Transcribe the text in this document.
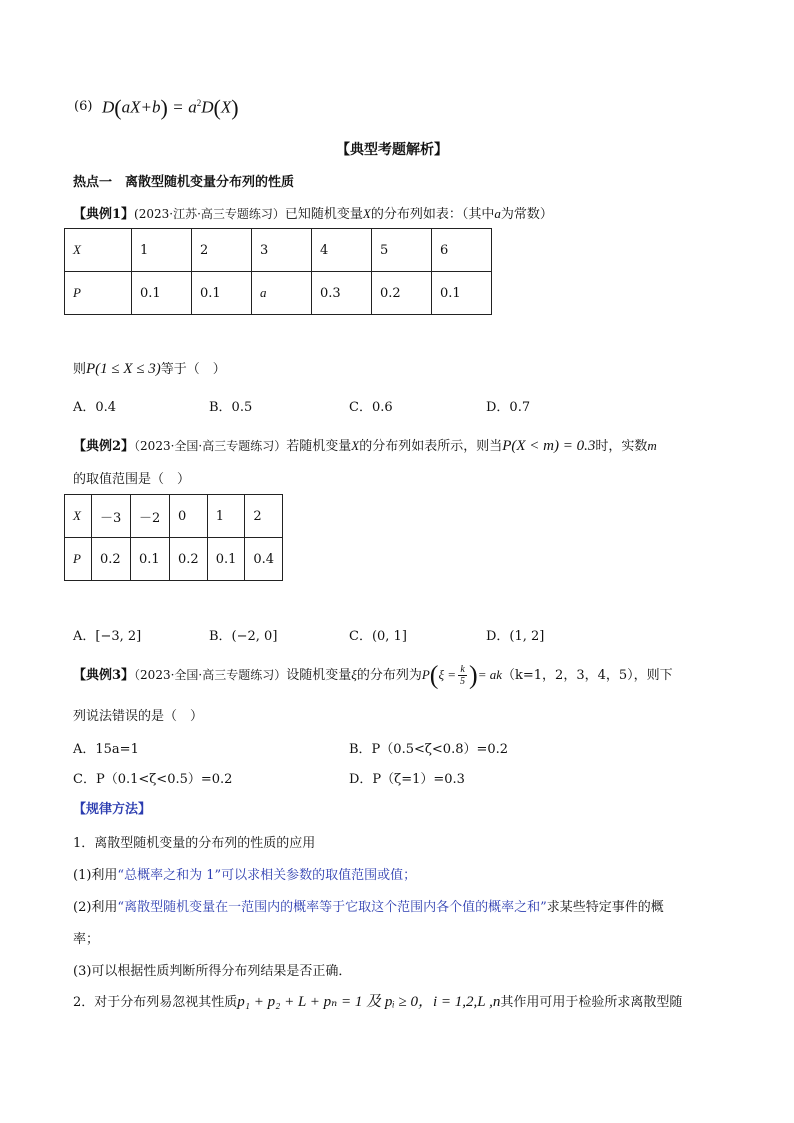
(6) $D(aX+b) = a^2D(X)$
【典型考题解析】
热点一　离散型随机变量分布列的性质
【典例1】(2023·江苏·高三专题练习）已知随机变量X的分布列如表：（其中a为常数）
X	1	2	3	4	5	6
P	0.1	0.1	a	0.3	0.2	0.1
则P(1 ≤ X ≤ 3)等于（　）
A．0.4	B．0.5	C．0.6	D．0.7
【典例2】（2023·全国·高三专题练习）若随机变量X的分布列如表所示，则当P(X < m) = 0.3时，实数m
的取值范围是（　）
X	－3	－2	0	1	2
P	0.2	0.1	0.2	0.1	0.4
A．[−3, 2]	B．(−2, 0]	C．(0, 1]	D．(1, 2]
【典例3】（2023·全国·高三专题练习）设随机变量ξ的分布列为$P(\xi = \frac{k}{5}$ )= ak（k=1，2，3，4，5），则下
列说法错误的是（　）
A．15a=1	B．P（0.5<ζ<0.8）=0.2
C．P（0.1<ζ<0.5）=0.2	D．P（ζ=1）=0.3
【规律方法】
1．离散型随机变量的分布列的性质的应用
(1)利用“总概率之和为 1”可以求相关参数的取值范围或值；
(2)利用“离散型随机变量在一范围内的概率等于它取这个范围内各个值的概率之和”求某些特定事件的概
率；
(3)可以根据性质判断所得分布列结果是否正确．
2．对于分布列易忽视其性质p₁ + p₂ + L + pₙ = 1 及 pᵢ ≥ 0，i = 1,2,L ,n其作用可用于检验所求离散型随
